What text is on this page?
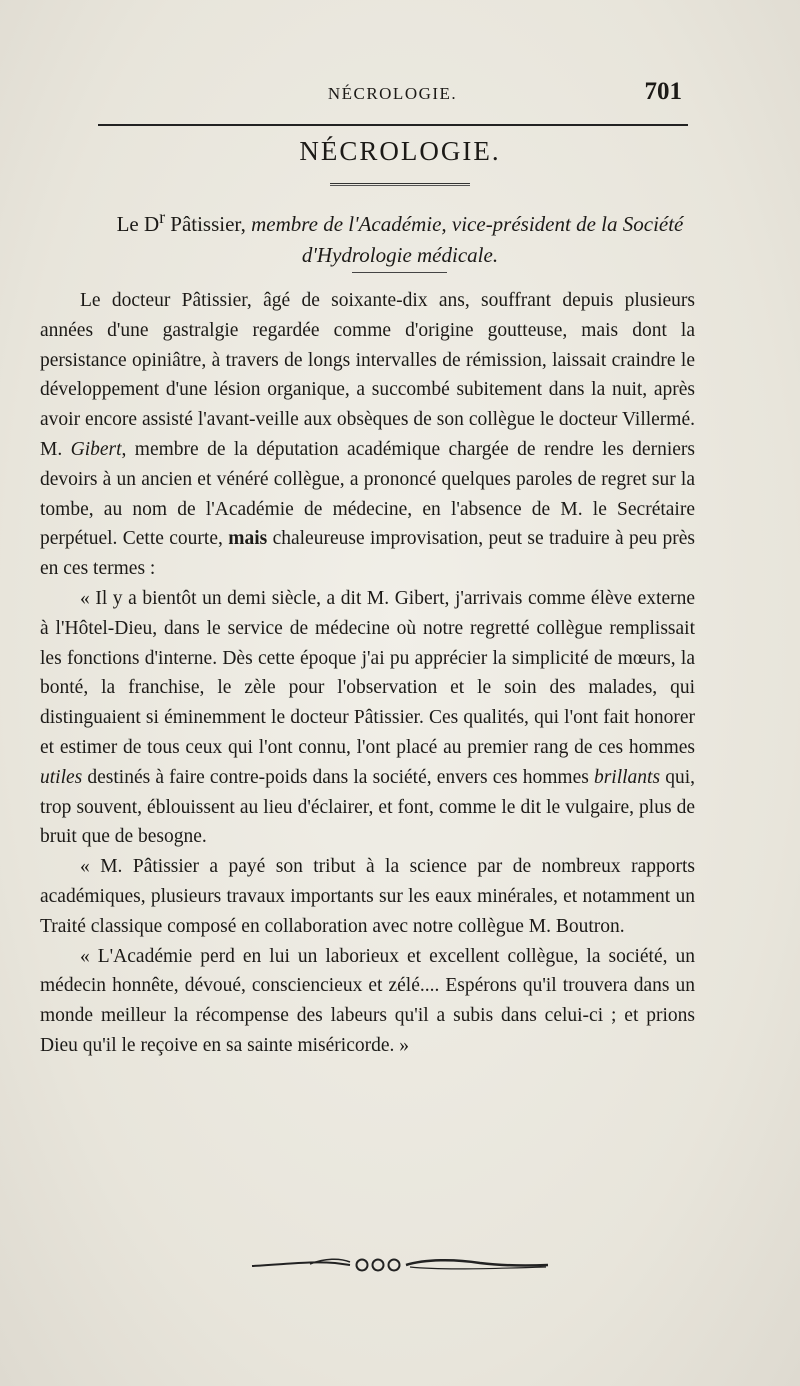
NÉCROLOGIE.	701
NÉCROLOGIE.
Le $D^r$ Pâtissier, membre de l'Académie, vice-président de la Société d'Hydrologie médicale.

Le docteur Pâtissier, âgé de soixante-dix ans, souffrant depuis plusieurs années d'une gastralgie regardée comme d'origine goutteuse, mais dont la persistance opiniâtre, à travers de longs intervalles de rémission, laissait craindre le développement d'une lésion organique, a succombé subitement dans la nuit, après avoir encore assisté l'avant-veille aux obsèques de son collègue le docteur Villermé. M. Gibert, membre de la députation académique chargée de rendre les derniers devoirs à un ancien et vénéré collègue, a prononcé quelques paroles de regret sur la tombe, au nom de l'Académie de médecine, en l'absence de M. le Secrétaire perpétuel. Cette courte, mais chaleureuse improvisation, peut se traduire à peu près en ces termes :

« Il y a bientôt un demi siècle, a dit M. Gibert, j'arrivais comme élève externe à l'Hôtel-Dieu, dans le service de médecine où notre regretté collègue remplissait les fonctions d'interne. Dès cette époque j'ai pu apprécier la simplicité de mœurs, la bonté, la franchise, le zèle pour l'observation et le soin des malades, qui distinguaient si éminemment le docteur Pâtissier. Ces qualités, qui l'ont fait honorer et estimer de tous ceux qui l'ont connu, l'ont placé au premier rang de ces hommes utiles destinés à faire contre-poids dans la société, envers ces hommes brillants qui, trop souvent, éblouissent au lieu d'éclairer, et font, comme le dit le vulgaire, plus de bruit que de besogne.

« M. Pâtissier a payé son tribut à la science par de nombreux rapports académiques, plusieurs travaux importants sur les eaux minérales, et notamment un Traité classique composé en collaboration avec notre collègue M. Boutron.

« L'Académie perd en lui un laborieux et excellent collègue, la société, un médecin honnête, dévoué, consciencieux et zélé.... Espérons qu'il trouvera dans un monde meilleur la récompense des labeurs qu'il a subis dans celui-ci ; et prions Dieu qu'il le reçoive en sa sainte miséricorde. »
